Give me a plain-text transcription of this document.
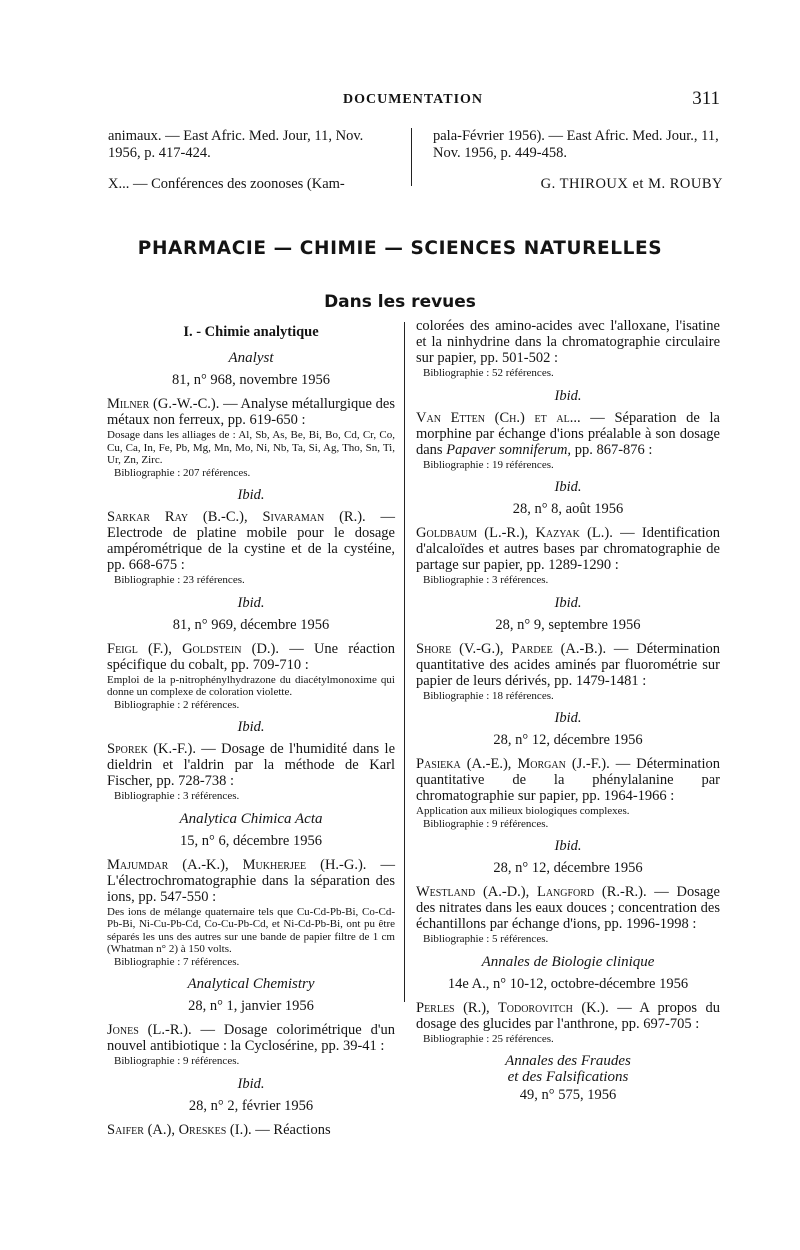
DOCUMENTATION	311
animaux. — East Afric. Med. Jour, 11, Nov. 1956, p. 417-424.
X... — Conférences des zoonoses (Kam-
pala-Février 1956). — East Afric. Med. Jour., 11, Nov. 1956, p. 449-458.
G. THIROUX et M. ROUBY
PHARMACIE — CHIMIE — SCIENCES NATURELLES
Dans les revues
I. - Chimie analytique
Analyst
81, n° 968, novembre 1956
Milner (G.-W.-C.). — Analyse métallurgique des métaux non ferreux, pp. 619-650 :
Dosage dans les alliages de : Al, Sb, As, Be, Bi, Bo, Cd, Cr, Co, Cu, Ca, In, Fe, Pb, Mg, Mn, Mo, Ni, Nb, Ta, Si, Ag, Tho, Sn, Ti, Ur, Zn, Zirc.
Bibliographie : 207 références.
Ibid.
Sarkar Ray (B.-C.), Sivaraman (R.). — Electrode de platine mobile pour le dosage ampérométrique de la cystine et de la cystéine, pp. 668-675 :
Bibliographie : 23 références.
Ibid.
81, n° 969, décembre 1956
Feigl (F.), Goldstein (D.). — Une réaction spécifique du cobalt, pp. 709-710 :
Emploi de la p-nitrophénylhydrazone du diacétylmonoxime qui donne un complexe de coloration violette.
Bibliographie : 2 références.
Ibid.
Sporek (K.-F.). — Dosage de l'humidité dans le dieldrin et l'aldrin par la méthode de Karl Fischer, pp. 728-738 :
Bibliographie : 3 références.
Analytica Chimica Acta
15, n° 6, décembre 1956
Majumdar (A.-K.), Mukherjee (H.-G.). — L'électrochromatographie dans la séparation des ions, pp. 547-550 :
Des ions de mélange quaternaire tels que Cu-Cd-Pb-Bi, Co-Cd-Pb-Bi, Ni-Cu-Pb-Cd, Co-Cu-Pb-Cd, et Ni-Cd-Pb-Bi, ont pu être séparés les uns des autres sur une bande de papier filtre de 1 cm (Whatman n° 2) à 150 volts.
Bibliographie : 7 références.
Analytical Chemistry
28, n° 1, janvier 1956
Jones (L.-R.). — Dosage colorimétrique d'un nouvel antibiotique : la Cyclosérine, pp. 39-41 :
Bibliographie : 9 références.
Ibid.
28, n° 2, février 1956
Saifer (A.), Oreskes (I.). — Réactions
colorées des amino-acides avec l'alloxane, l'isatine et la ninhydrine dans la chromatographie circulaire sur papier, pp. 501-502 :
Bibliographie : 52 références.
Ibid.
Van Etten (Ch.) et al... — Séparation de la morphine par échange d'ions préalable à son dosage dans Papaver somniferum, pp. 867-876 :
Bibliographie : 19 références.
Ibid.
28, n° 8, août 1956
Goldbaum (L.-R.), Kazyak (L.). — Identification d'alcaloïdes et autres bases par chromatographie de partage sur papier, pp. 1289-1290 :
Bibliographie : 3 références.
Ibid.
28, n° 9, septembre 1956
Shore (V.-G.), Pardee (A.-B.). — Détermination quantitative des acides aminés par fluorométrie sur papier de leurs dérivés, pp. 1479-1481 :
Bibliographie : 18 références.
Ibid.
28, n° 12, décembre 1956
Pasieka (A.-E.), Morgan (J.-F.). — Détermination quantitative de la phénylalanine par chromatographie sur papier, pp. 1964-1966 :
Application aux milieux biologiques complexes.
Bibliographie : 9 références.
Ibid.
28, n° 12, décembre 1956
Westland (A.-D.), Langford (R.-R.). — Dosage des nitrates dans les eaux douces ; concentration des échantillons par échange d'ions, pp. 1996-1998 :
Bibliographie : 5 références.
Annales de Biologie clinique
14e A., n° 10-12, octobre-décembre 1956
Perles (R.), Todorovitch (K.). — A propos du dosage des glucides par l'anthrone, pp. 697-705 :
Bibliographie : 25 références.
Annales des Fraudes
et des Falsifications
49, n° 575, 1956
